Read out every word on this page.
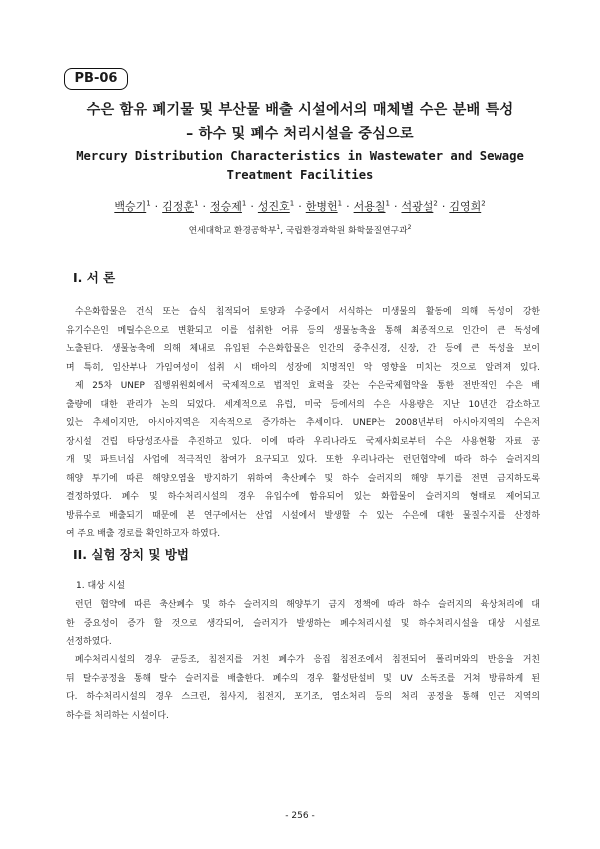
PB-06
수은 함유 폐기물 및 부산물 배출 시설에서의 매체별 수은 분배 특성
– 하수 및 폐수 처리시설을 중심으로
Mercury Distribution Characteristics in Wastewater and Sewage
Treatment Facilities
백승기$^1$ · 김정훈$^1$ · 정승제$^1$ · 성진호$^1$ · 한병헌$^1$ · 서용칠$^1$ · 석광설$^2$ · 김영희$^2$
연세대학교 환경공학부$^1$, 국립환경과학원 화학물질연구과$^2$
I. 서 론
수은화합물은 건식 또는 습식 침적되어 토양과 수중에서 서식하는 미생물의 활동에 의해 독성이 강한
유기수은인 메틸수은으로 변환되고 이를 섭취한 어류 등의 생물농축을 통해 최종적으로 인간이 큰 독성에
노출된다. 생물농축에 의해 체내로 유입된 수은화합물은 인간의 중추신경, 신장, 간 등에 큰 독성을 보이
며 특히, 임산부나 가임여성이 섭취 시 태아의 성장에 치명적인 악 영향을 미치는 것으로 알려져 있다.
제 25차 UNEP 집행위원회에서 국제적으로 법적인 효력을 갖는 수은국제협약을 통한 전반적인 수은 배
출량에 대한 관리가 논의 되었다. 세계적으로 유럽, 미국 등에서의 수은 사용량은 지난 10년간 감소하고
있는 추세이지만, 아시아지역은 지속적으로 증가하는 추세이다. UNEP는 2008년부터 아시아지역의 수은저
장시설 건립 타당성조사를 추진하고 있다. 이에 따라 우리나라도 국제사회로부터 수은 사용현황 자료 공
개 및 파트너십 사업에 적극적인 참여가 요구되고 있다. 또한 우리나라는 런던협약에 따라 하수 슬러지의
해양 투기에 따른 해양오염을 방지하기 위하여 축산폐수 및 하수 슬러지의 해양 투기를 전면 금지하도록
결정하였다. 폐수 및 하수처리시설의 경우 유입수에 함유되어 있는 화합물이 슬러지의 형태로 제어되고
방류수로 배출되기 때문에 본 연구에서는 산업 시설에서 발생할 수 있는 수은에 대한 물질수지를 산정하
여 주요 배출 경로를 확인하고자 하였다.
II. 실험 장치 및 방법
1. 대상 시설
런던 협약에 따른 축산폐수 및 하수 슬러지의 해양투기 금지 정책에 따라 하수 슬러지의 육상처리에 대
한 중요성이 증가 할 것으로 생각되어, 슬러지가 발생하는 폐수처리시설 및 하수처리시설을 대상 시설로
선정하였다.
폐수처리시설의 경우 균등조, 침전지를 거친 폐수가 응집 침전조에서 침전되어 폴리머와의 반응을 거친
뒤 탈수공정을 통해 탈수 슬러지를 배출한다. 폐수의 경우 활성탄설비 및 UV 소독조를 거쳐 방류하게 된
다. 하수처리시설의 경우 스크린, 침사지, 침전지, 포기조, 염소처리 등의 처리 공정을 통해 인근 지역의
하수를 처리하는 시설이다.
- 256 -
